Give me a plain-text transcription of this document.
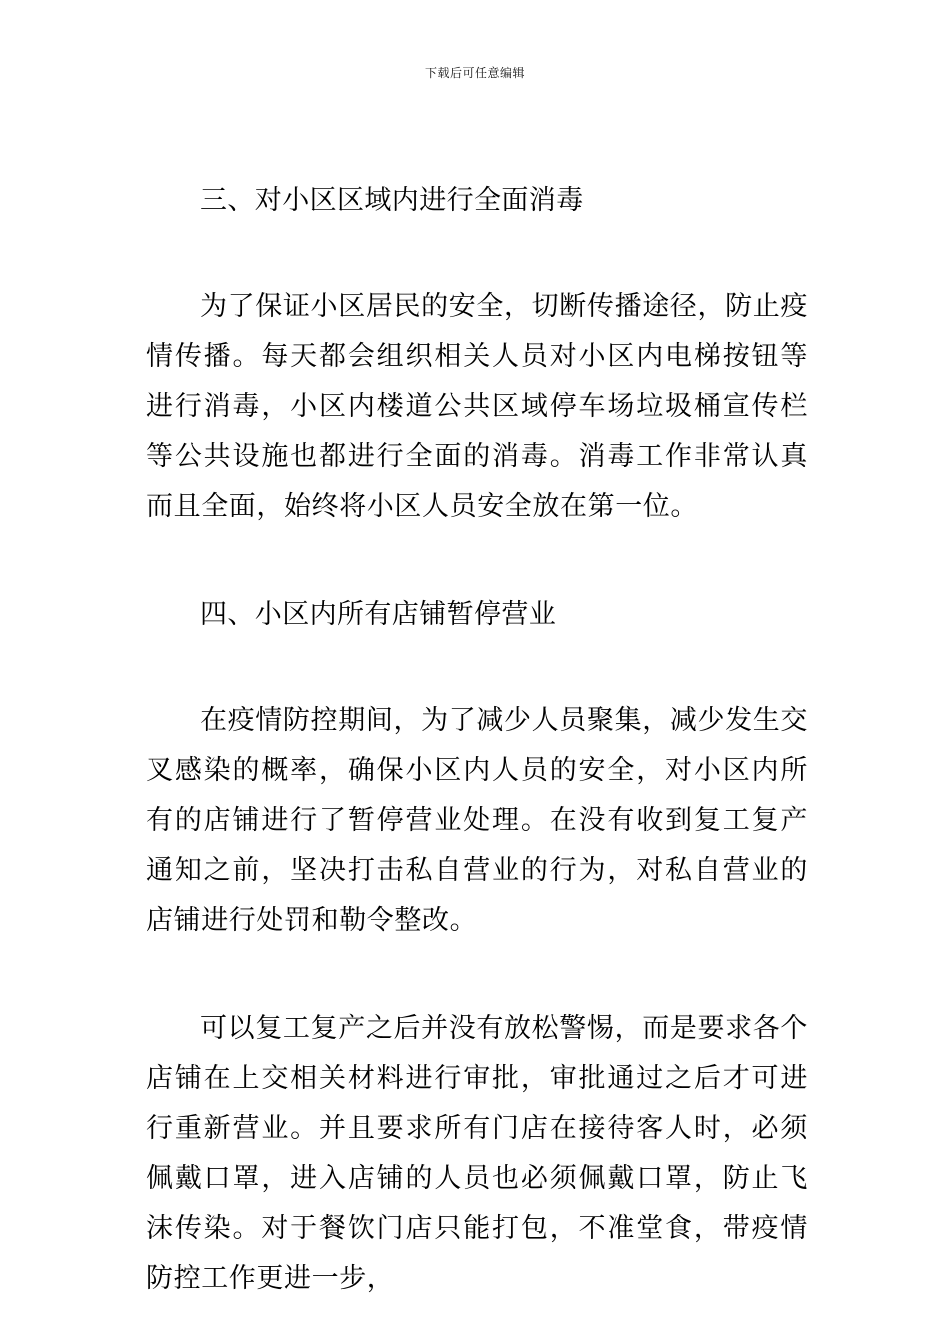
下载后可任意编辑

三、对小区区域内进行全面消毒

为了保证小区居民的安全，切断传播途径，防止疫情传播。每天都会组织相关人员对小区内电梯按钮等进行消毒，小区内楼道公共区域停车场垃圾桶宣传栏等公共设施也都进行全面的消毒。消毒工作非常认真而且全面，始终将小区人员安全放在第一位。

四、小区内所有店铺暂停营业

在疫情防控期间，为了减少人员聚集，减少发生交叉感染的概率，确保小区内人员的安全，对小区内所有的店铺进行了暂停营业处理。在没有收到复工复产通知之前，坚决打击私自营业的行为，对私自营业的店铺进行处罚和勒令整改。

可以复工复产之后并没有放松警惕，而是要求各个店铺在上交相关材料进行审批，审批通过之后才可进行重新营业。并且要求所有门店在接待客人时，必须佩戴口罩，进入店铺的人员也必须佩戴口罩，防止飞沫传染。对于餐饮门店只能打包，不准堂食，带疫情防控工作更进一步，
